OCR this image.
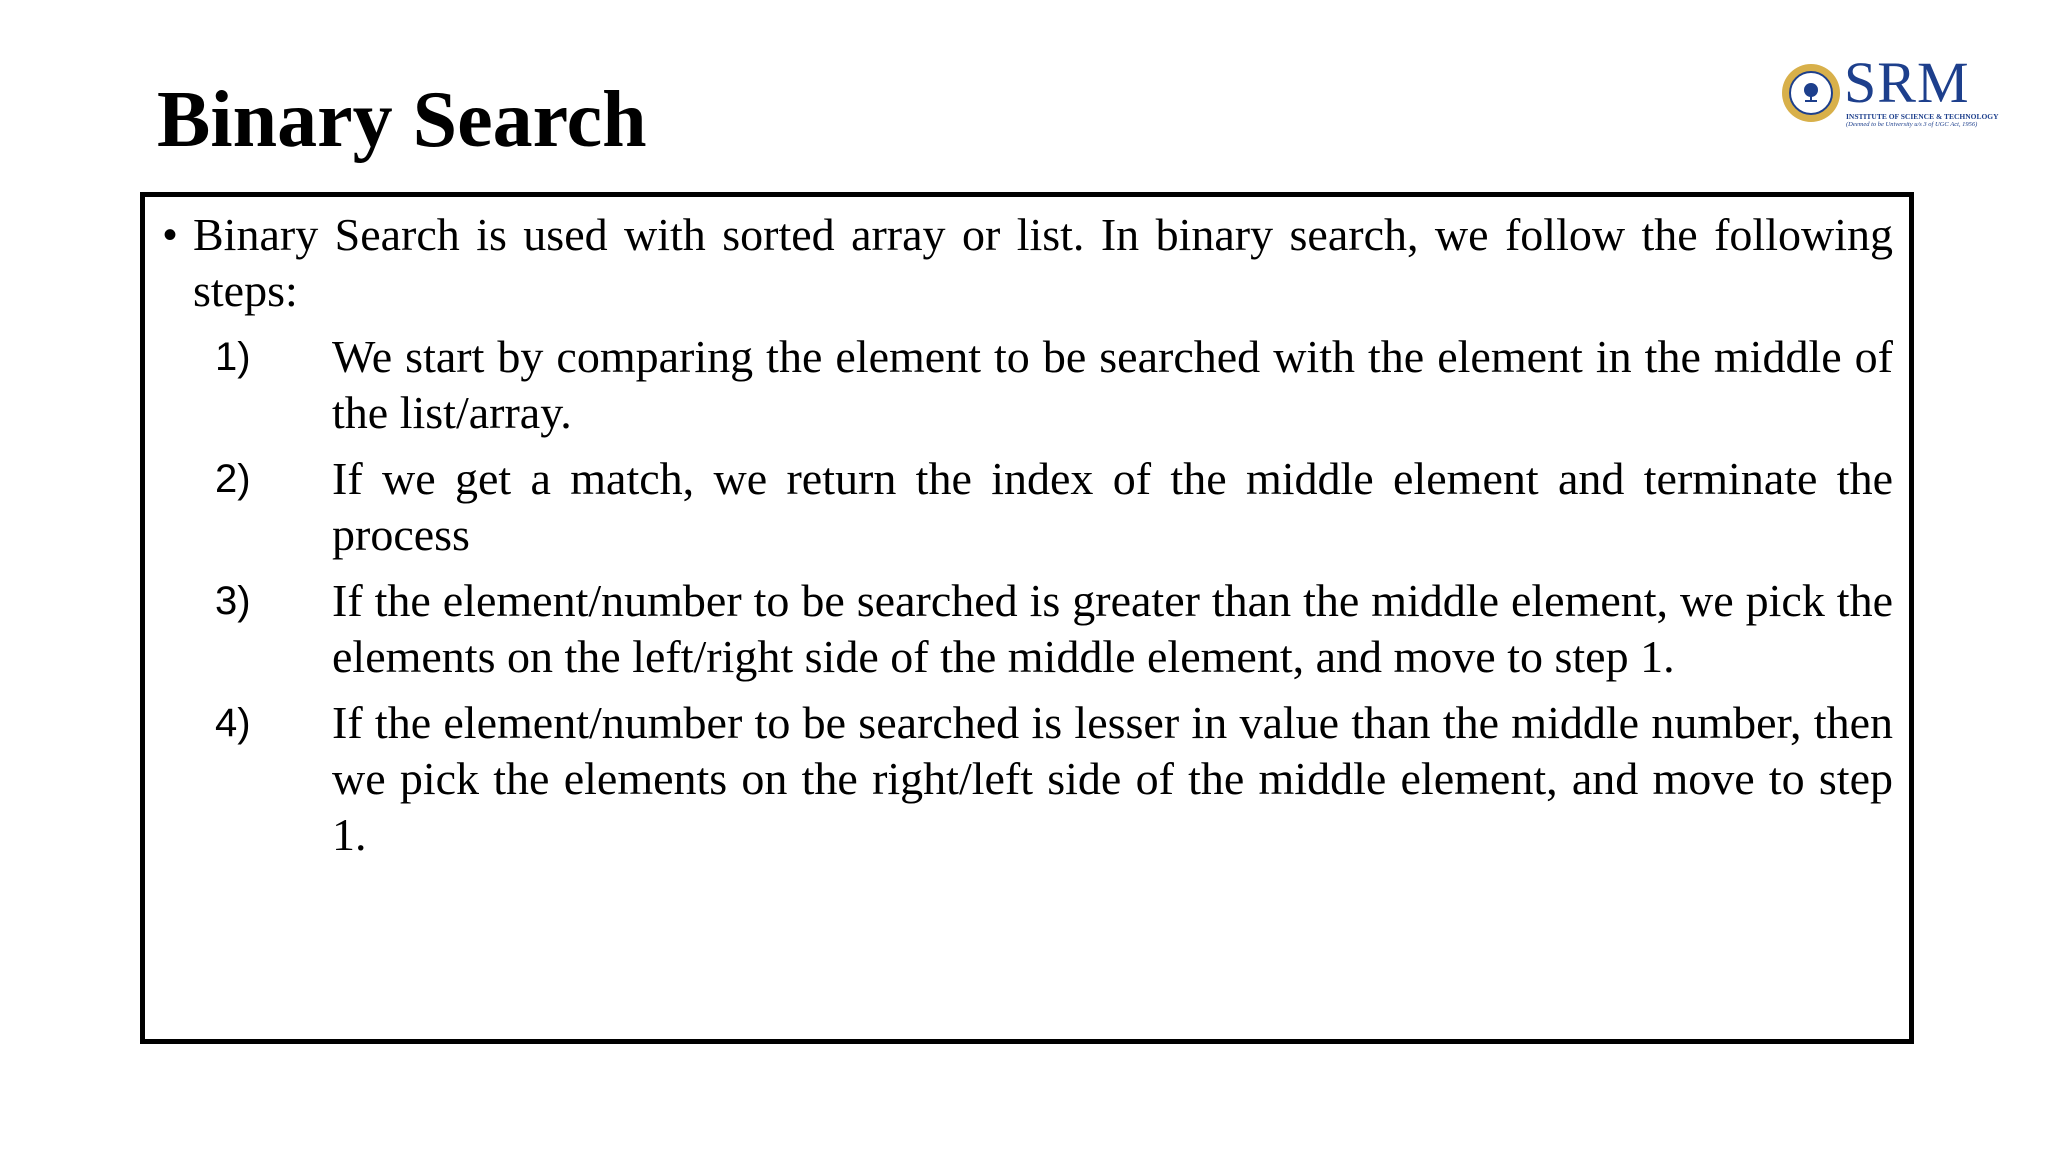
Binary Search	SRM
INSTITUTE OF SCIENCE & TECHNOLOGY
(Deemed to be University u/s 3 of UGC Act, 1956)
• Binary Search is used with sorted array or list. In binary search, we follow the following steps:
1)	We start by comparing the element to be searched with the element in the middle of the list/array.
2)	If we get a match, we return the index of the middle element and terminate the process
3)	If the element/number to be searched is greater than the middle element, we pick the elements on the left/right side of the middle element, and move to step 1.
4)	If the element/number to be searched is lesser in value than the middle number, then we pick the elements on the right/left side of the middle element, and move to step 1.
